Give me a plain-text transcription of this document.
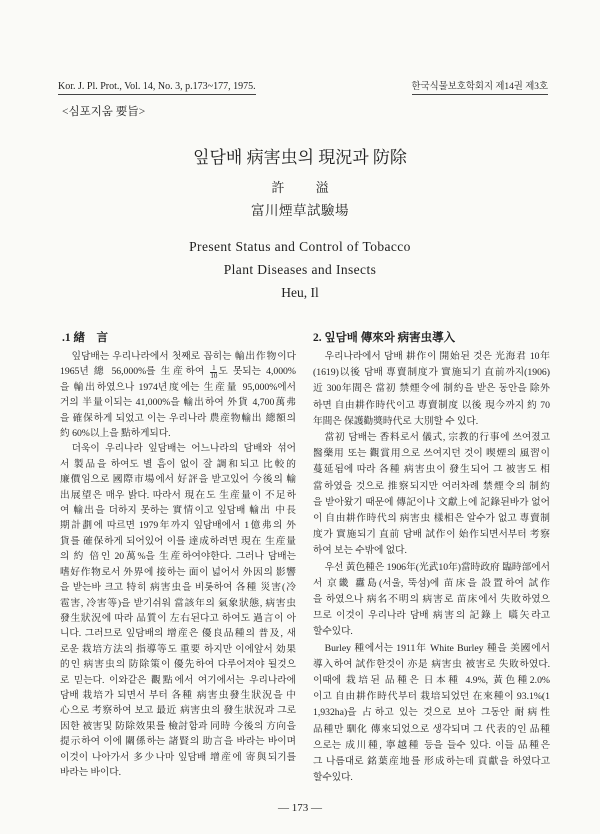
Kor. J. Pl. Prot., Vol. 14, No. 3, p.173~177, 1975.	한국식물보호학회지 제14권 제3호
<심포지움 要旨>
잎담배 病害虫의 現況과 防除
許 溢
富川煙草試驗場
Present Status and Control of Tobacco
Plant Diseases and Insects
Heu, Il
.1 緖　言
잎담배는 우리나라에서 첫째로 꼽히는 輸出作物이다
1965년 總 56,000%를 生産하여 $\frac{1}{10}$ 도 못되는 4,000%
을 輸出하였으나 1974년度에는 生産量 95,000%에서
거의 半量이되는 41,000%을 輸出하여 外貨 4,700萬弗
을 確保하게 되었고 이는 우리나라 農産物輸出 總額의
約 60%以上을 點하게되다.
더욱이 우리나라 잎담배는 어느나라의 담배와 섞어
서 製品을 하여도 별 흠이 없이 잘 調和되고 比較的
廉價임으로 國際市場에서 好評을 받고있어 今後의 輸
出展望은 매우 밝다. 따라서 現在도 生産量이 不足하
여 輸出을 더하지 못하는 實情이고 잎담배 輸出 中長
期計劃에 따르면 1979年까지 잎담배에서 1億弗의 外
貨를 確保하게 되어있어 이를 達成하려면 現在 生産量
의 約 倍인 20萬%을 生産하여야한다. 그러나 담배는
嗜好作物로서 外界에 接하는 面이 넓어서 外因의 影響
을 받는바 크고 特히 病害虫을 비롯하여 各種 災害(冷
雹害, 冷害等)을 받기쉬워 當該年의 氣象狀態, 病害虫
發生狀況에 따라 品質이 左右된다고 하여도 過言이 아
니다. 그러므로 잎담배의 增産은 優良品種의 普及, 새
로운 栽培方法의 指導等도 重要 하지만 이에앞서 効果
的인 病害虫의 防除策이 優先하여 다루어져야 될것으
로 믿는다. 이와같은 觀點에서 여기에서는 우리나라에
담배 栽培가 되면서 부터 各種 病害虫發生狀況을 中
心으로 考察하여 보고 最近 病害虫의 發生狀況과 그로
因한 被害및 防除效果를 檢討함과 同時 今後의 方向을
提示하여 이에 關係하는 諸賢의 助言을 바라는 바이며
이것이 나아가서 多少나마 잎담배 增産에 寄與되기를
바라는 바이다.
2. 잎담배 傳來와 病害虫導入
우리나라에서 담배 耕作이 開始된 것은 光海君 10年
(1619)以後 담배 專賣制度가 實施되기 直前까지(1906)
近 300年間은 當初 禁煙令에 制約을 받은 동안을 除外
하면 自由耕作時代이고 專賣制度 以後 現今까지 約 70
年間은 保護勸獎時代로 大別할 수 있다.
當初 담배는 香料로서 儀式, 宗教的行事에 쓰여졌고
醫藥用 또는 觀賞用으로 쓰여지던 것이 喫煙의 風習이
蔓延됨에 따라 各種 病害虫이 發生되어 그 被害도 相
當하였을 것으로 推察되지만 여러차례 禁煙令의 制約
을 받아왔기 때문에 傳記이나 文獻上에 記錄된바가 없어
이 自由耕作時代의 病害虫 樣相은 알수가 없고 專賣制
度가 實施되기 直前 담배 試作이 始作되면서부터 考察
하여 보는 수밖에 없다.
우선 黃色種은 1906年(光武10年)當時政府 臨時部에서
서 京畿 纛島(서울, 뚝섬)에 苗床을 設置하여 試作
을 하였으나 病名不明의 病害로 苗床에서 失敗하였으
므로 이것이 우리나라 담배 病害의 記錄上 嚆矢라고
할수있다.
Burley 種에서는 1911年 White Burley 種을 美國에서
導入하여 試作한것이 亦是 病害虫 被害로 失敗하였다.
이때에 栽培된 品種은 日本種 4.9%, 黃色種2.0%
이고 自由耕作時代부터 栽培되었던 在來種이 93.1%(1
1,932ha)을 占하고 있는 것으로 보아 그동안 耐病性
品種만 馴化 傳來되었으로 생각되며 그 代表的인 品種
으로는 成川種, 寧越種 등을 들수 있다. 이들 品種은
그 나름대로 銘葉産地를 形成하는데 貢獻을 하였다고
할수있다.
— 173 —
